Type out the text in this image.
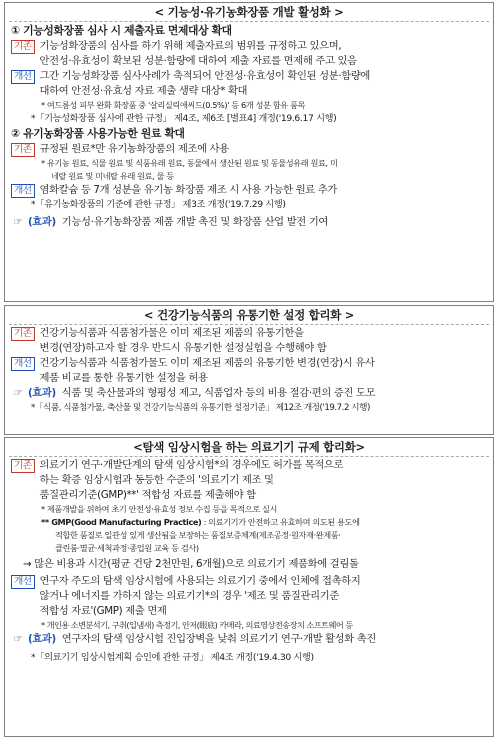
< 기능성·유기농화장품 개발 활성화 >
① 기능성화장품 심사 시 제출자료 면제대상 확대
기존 기능성화장품의 심사를 하기 위해 제출자료의 범위를 규정하고 있으며,
안전성·유효성이 확보된 성분·함량에 대하여 제출 자료를 면제해 주고 있음
개선 그간 기능성화장품 심사사례가 축적되어 안전성·유효성이 확인된 성분·함량에
대하여 안전성·유효성 자료 제출 생략 대상* 확대
* 여드름성 피부 완화 화장품 중 '살리실릭애씨드(0.5%)' 등 6개 성분 함유 품목
*「기능성화장품 심사에 관한 규정」 제4조, 제6조 [별표4] 개정('19.6.17 시행)
② 유기농화장품 사용가능한 원료 확대
기존 규정된 원료*만 유기농화장품의 제조에 사용
* 유기농 원료, 식물 원료 및 식품유래 원료, 동물에서 생산된 원료 및 동물성유래 원료, 미
네랄 원료 및 미네랄 유래 원료, 물 등
개선 염화칼슘 등 7개 성분을 유기농 화장품 제조 시 사용 가능한 원료 추가
*「유기농화장품의 기준에 관한 규정」 제3조 개정('19.7.29 시행)
☞ (효과) 기능성·유기농화장품 제품 개발 촉진 및 화장품 산업 발전 기여
< 건강기능식품의 유통기한 설정 합리화 >
기존 건강기능식품과 식품첨가물은 이미 제조된 제품의 유통기한을
변경(연장)하고자 할 경우 반드시 유통기한 설정실험을 수행해야 함
개선 건강기능식품과 식품첨가물도 이미 제조된 제품의 유통기한 변경(연장)시 유사
제품 비교를 통한 유통기한 설정을 허용
☞ (효과) 식품 및 축산물과의 형평성 제고, 식품업자 등의 비용 절감·편의 증진 도모
*「식품, 식품첨가물, 축산물 및 건강기능식품의 유통기한 설정기준」 제12조 개정('19.7.2 시행)
<탐색 임상시험을 하는 의료기기 규제 합리화>
기존 의료기기 연구·개발단계의 탐색 임상시험*의 경우에도 허가를 목적으로
하는 확증 임상시험과 동등한 수준의 '의료기기 제조 및
품질관리기준(GMP)**' 적합성 자료를 제출해야 함
* 제품개발을 위하여 초기 안전성·유효성 정보 수집 등을 목적으로 실시
** GMP(Good Manufacturing Practice) : 의료기기가 안전하고 유효하며 의도된 용도에
적합한 품질로 일관성 있게 생산됨을 보장하는 품질보증체계(제조공정·원자재·완제품·
클린룸·멸균·세척과정·종업원 교육 등 검사)
→ 많은 비용과 시간(평균 건당 2천만원, 6개월)으로 의료기기 제품화에 걸림돌
개선 연구자 주도의 탐색 임상시험에 사용되는 의료기기 중에서 인체에 접촉하지
않거나 에너지를 가하지 않는 의료기기*의 경우 '제조 및 품질관리기준
적합성 자료'(GMP) 제출 면제
* 개인용 소변분석기, 구취(입냄새) 측정기, 안저(眼底) 카메라, 의료영상전송장치 소프트웨어 등
☞ (효과) 연구자의 탐색 임상시험 진입장벽을 낮춰 의료기기 연구·개발 활성화 촉진
*「의료기기 임상시험계획 승인에 관한 규정」 제4조 개정('19.4.30 시행)
